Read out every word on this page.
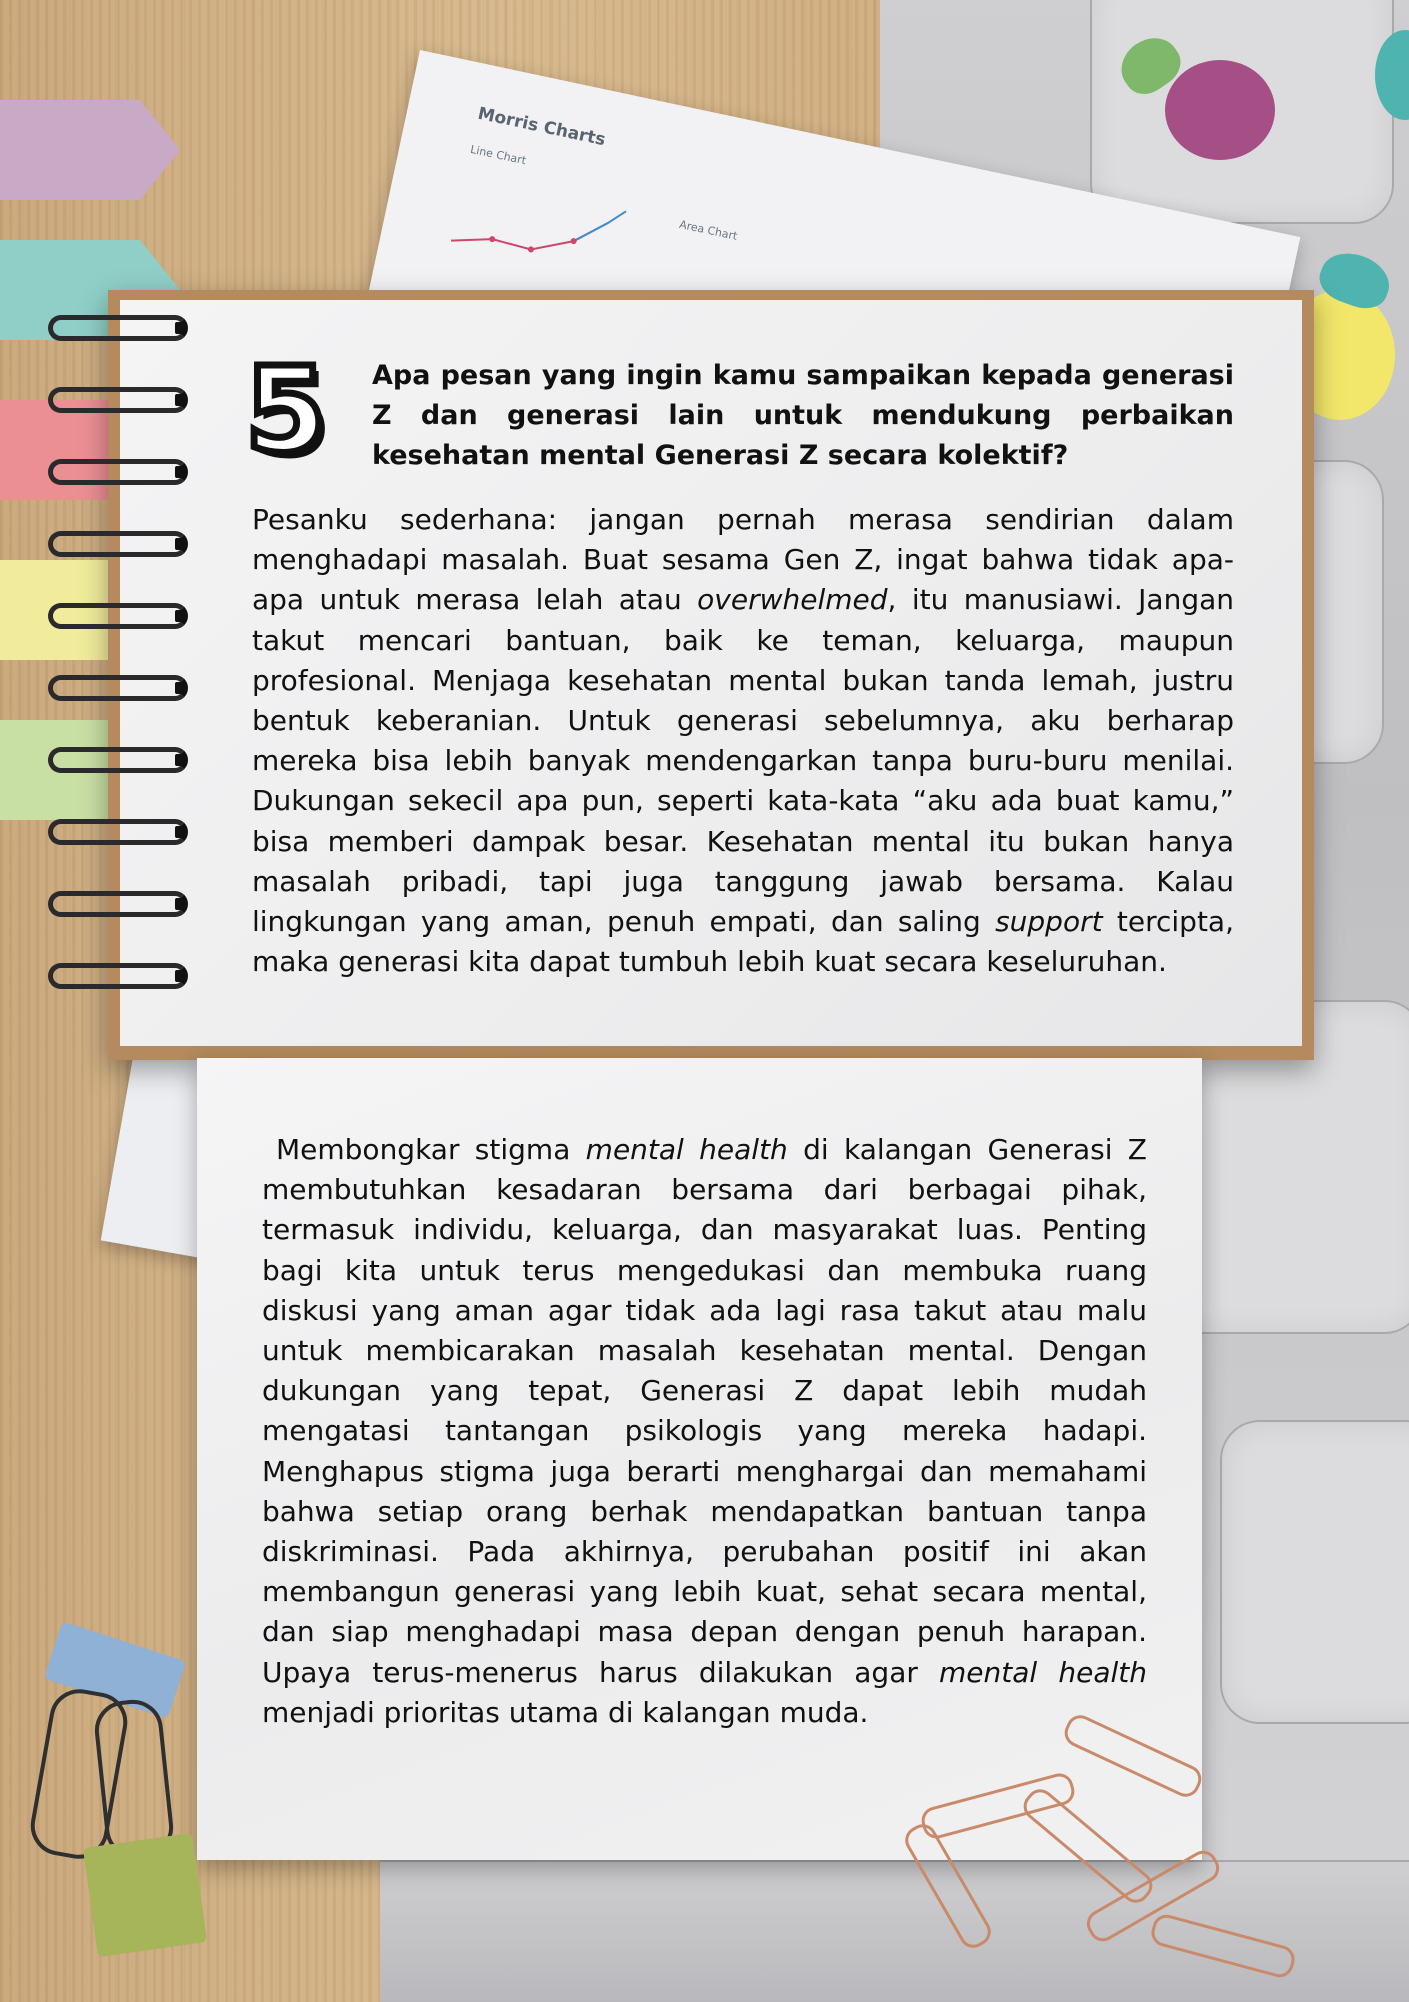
Morris Charts
Line Chart
Area Chart
5	Apa pesan yang ingin kamu sampaikan kepada generasi Z dan generasi lain untuk mendukung perbaikan kesehatan mental Generasi Z secara kolektif?
Pesanku sederhana: jangan pernah merasa sendirian dalam menghadapi masalah. Buat sesama Gen Z, ingat bahwa tidak apa-apa untuk merasa lelah atau overwhelmed, itu manusiawi. Jangan takut mencari bantuan, baik ke teman, keluarga, maupun profesional. Menjaga kesehatan mental bukan tanda lemah, justru bentuk keberanian. Untuk generasi sebelumnya, aku berharap mereka bisa lebih banyak mendengarkan tanpa buru-buru menilai. Dukungan sekecil apa pun, seperti kata-kata “aku ada buat kamu,” bisa memberi dampak besar. Kesehatan mental itu bukan hanya masalah pribadi, tapi juga tanggung jawab bersama. Kalau lingkungan yang aman, penuh empati, dan saling support tercipta, maka generasi kita dapat tumbuh lebih kuat secara keseluruhan.
Membongkar stigma mental health di kalangan Generasi Z membutuhkan kesadaran bersama dari berbagai pihak, termasuk individu, keluarga, dan masyarakat luas. Penting bagi kita untuk terus mengedukasi dan membuka ruang diskusi yang aman agar tidak ada lagi rasa takut atau malu untuk membicarakan masalah kesehatan mental. Dengan dukungan yang tepat, Generasi Z dapat lebih mudah mengatasi tantangan psikologis yang mereka hadapi. Menghapus stigma juga berarti menghargai dan memahami bahwa setiap orang berhak mendapatkan bantuan tanpa diskriminasi. Pada akhirnya, perubahan positif ini akan membangun generasi yang lebih kuat, sehat secara mental, dan siap menghadapi masa depan dengan penuh harapan. Upaya terus-menerus harus dilakukan agar mental health menjadi prioritas utama di kalangan muda.
